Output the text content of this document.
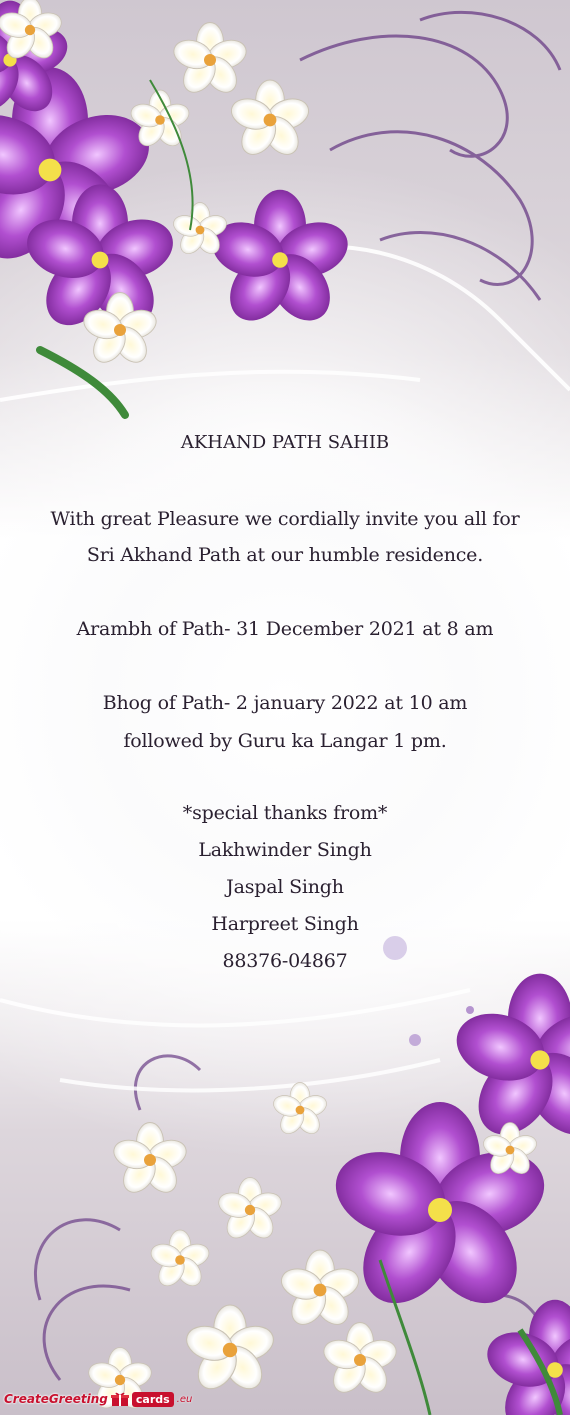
AKHAND PATH SAHIB
With great Pleasure we cordially invite you all for
Sri Akhand Path at our humble residence.
Arambh of Path- 31 December 2021 at 8 am
Bhog of Path- 2 january 2022 at 10 am
followed by Guru ka Langar 1 pm.
*special thanks from*
Lakhwinder Singh
Jaspal Singh
Harpreet Singh
88376-04867
CreateGreeting	cards .eu
